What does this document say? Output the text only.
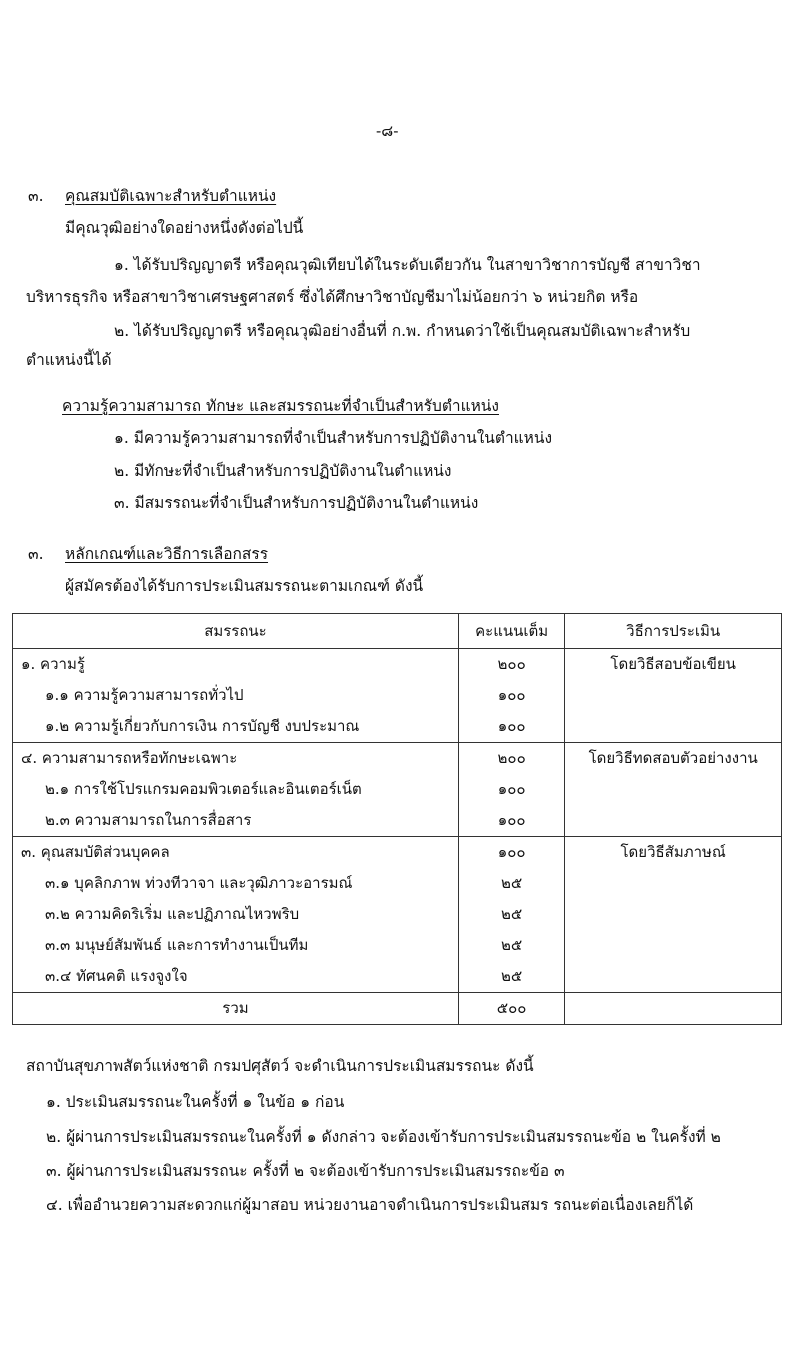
-๘-
๓. คุณสมบัติเฉพาะสำหรับตำแหน่ง
มีคุณวุฒิอย่างใดอย่างหนึ่งดังต่อไปนี้
๑. ได้รับปริญญาตรี หรือคุณวุฒิเทียบได้ในระดับเดียวกัน ในสาขาวิชาการบัญชี สาขาวิชา
บริหารธุรกิจ หรือสาขาวิชาเศรษฐศาสตร์ ซึ่งได้ศึกษาวิชาบัญชีมาไม่น้อยกว่า ๖ หน่วยกิต หรือ
๒. ได้รับปริญญาตรี หรือคุณวุฒิอย่างอื่นที่ ก.พ. กำหนดว่าใช้เป็นคุณสมบัติเฉพาะสำหรับ
ตำแหน่งนี้ได้
ความรู้ความสามารถ ทักษะ และสมรรถนะที่จำเป็นสำหรับตำแหน่ง
๑. มีความรู้ความสามารถที่จำเป็นสำหรับการปฏิบัติงานในตำแหน่ง
๒. มีทักษะที่จำเป็นสำหรับการปฏิบัติงานในตำแหน่ง
๓. มีสมรรถนะที่จำเป็นสำหรับการปฏิบัติงานในตำแหน่ง
๓. หลักเกณฑ์และวิธีการเลือกสรร
ผู้สมัครต้องได้รับการประเมินสมรรถนะตามเกณฑ์ ดังนี้
สมรรถนะ	คะแนนเต็ม	วิธีการประเมิน
๑. ความรู้	๒๐๐	โดยวิธีสอบข้อเขียน
๑.๑ ความรู้ความสามารถทั่วไป	๑๐๐	
๑.๒ ความรู้เกี่ยวกับการเงิน การบัญชี งบประมาณ	๑๐๐	
๔. ความสามารถหรือทักษะเฉพาะ	๒๐๐	โดยวิธีทดสอบตัวอย่างงาน
๒.๑ การใช้โปรแกรมคอมพิวเตอร์และอินเตอร์เน็ต	๑๐๐	
๒.๓ ความสามารถในการสื่อสาร	๑๐๐	
๓. คุณสมบัติส่วนบุคคล	๑๐๐	โดยวิธีสัมภาษณ์
๓.๑ บุคลิกภาพ ท่วงทีวาจา และวุฒิภาวะอารมณ์	๒๕	
๓.๒ ความคิดริเริ่ม และปฏิภาณไหวพริบ	๒๕	
๓.๓ มนุษย์สัมพันธ์ และการทำงานเป็นทีม	๒๕	
๓.๔ ทัศนคติ แรงจูงใจ	๒๕	
รวม	๕๐๐	
สถาบันสุขภาพสัตว์แห่งชาติ กรมปศุสัตว์ จะดำเนินการประเมินสมรรถนะ ดังนี้
๑. ประเมินสมรรถนะในครั้งที่ ๑ ในข้อ ๑ ก่อน
๒. ผู้ผ่านการประเมินสมรรถนะในครั้งที่ ๑ ดังกล่าว จะต้องเข้ารับการประเมินสมรรถนะข้อ ๒ ในครั้งที่ ๒
๓. ผู้ผ่านการประเมินสมรรถนะ ครั้งที่ ๒ จะต้องเข้ารับการประเมินสมรรถะข้อ ๓
๔. เพื่ออำนวยความสะดวกแก่ผู้มาสอบ หน่วยงานอาจดำเนินการประเมินสมร รถนะต่อเนื่องเลยก็ได้
